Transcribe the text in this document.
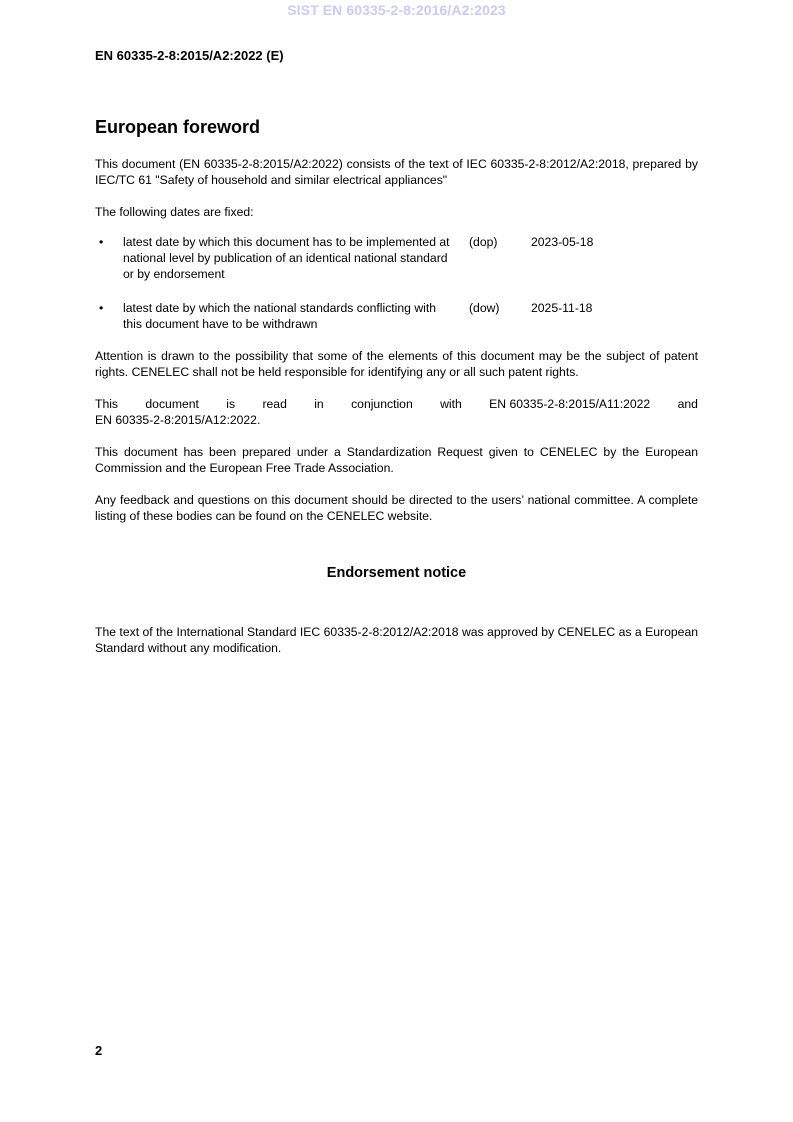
SIST EN 60335-2-8:2016/A2:2023
EN 60335-2-8:2015/A2:2022 (E)
European foreword

This document (EN 60335-2-8:2015/A2:2022) consists of the text of IEC 60335-2-8:2012/A2:2018, prepared by IEC/TC 61 "Safety of household and similar electrical appliances"

The following dates are fixed:

• latest date by which this document has to be implemented at national level by publication of an identical national standard or by endorsement
(dop)	2023-05-18
• latest date by which the national standards conflicting with this document have to be withdrawn
(dow)	2025-11-18

Attention is drawn to the possibility that some of the elements of this document may be the subject of patent rights. CENELEC shall not be held responsible for identifying any or all such patent rights.

This document is read in conjunction with EN 60335-2-8:2015/A11:2022 and
EN 60335-2-8:2015/A12:2022.

This document has been prepared under a Standardization Request given to CENELEC by the European Commission and the European Free Trade Association.

Any feedback and questions on this document should be directed to the users’ national committee. A complete listing of these bodies can be found on the CENELEC website.

Endorsement notice

The text of the International Standard IEC 60335-2-8:2012/A2:2018 was approved by CENELEC as a European Standard without any modification.

2
